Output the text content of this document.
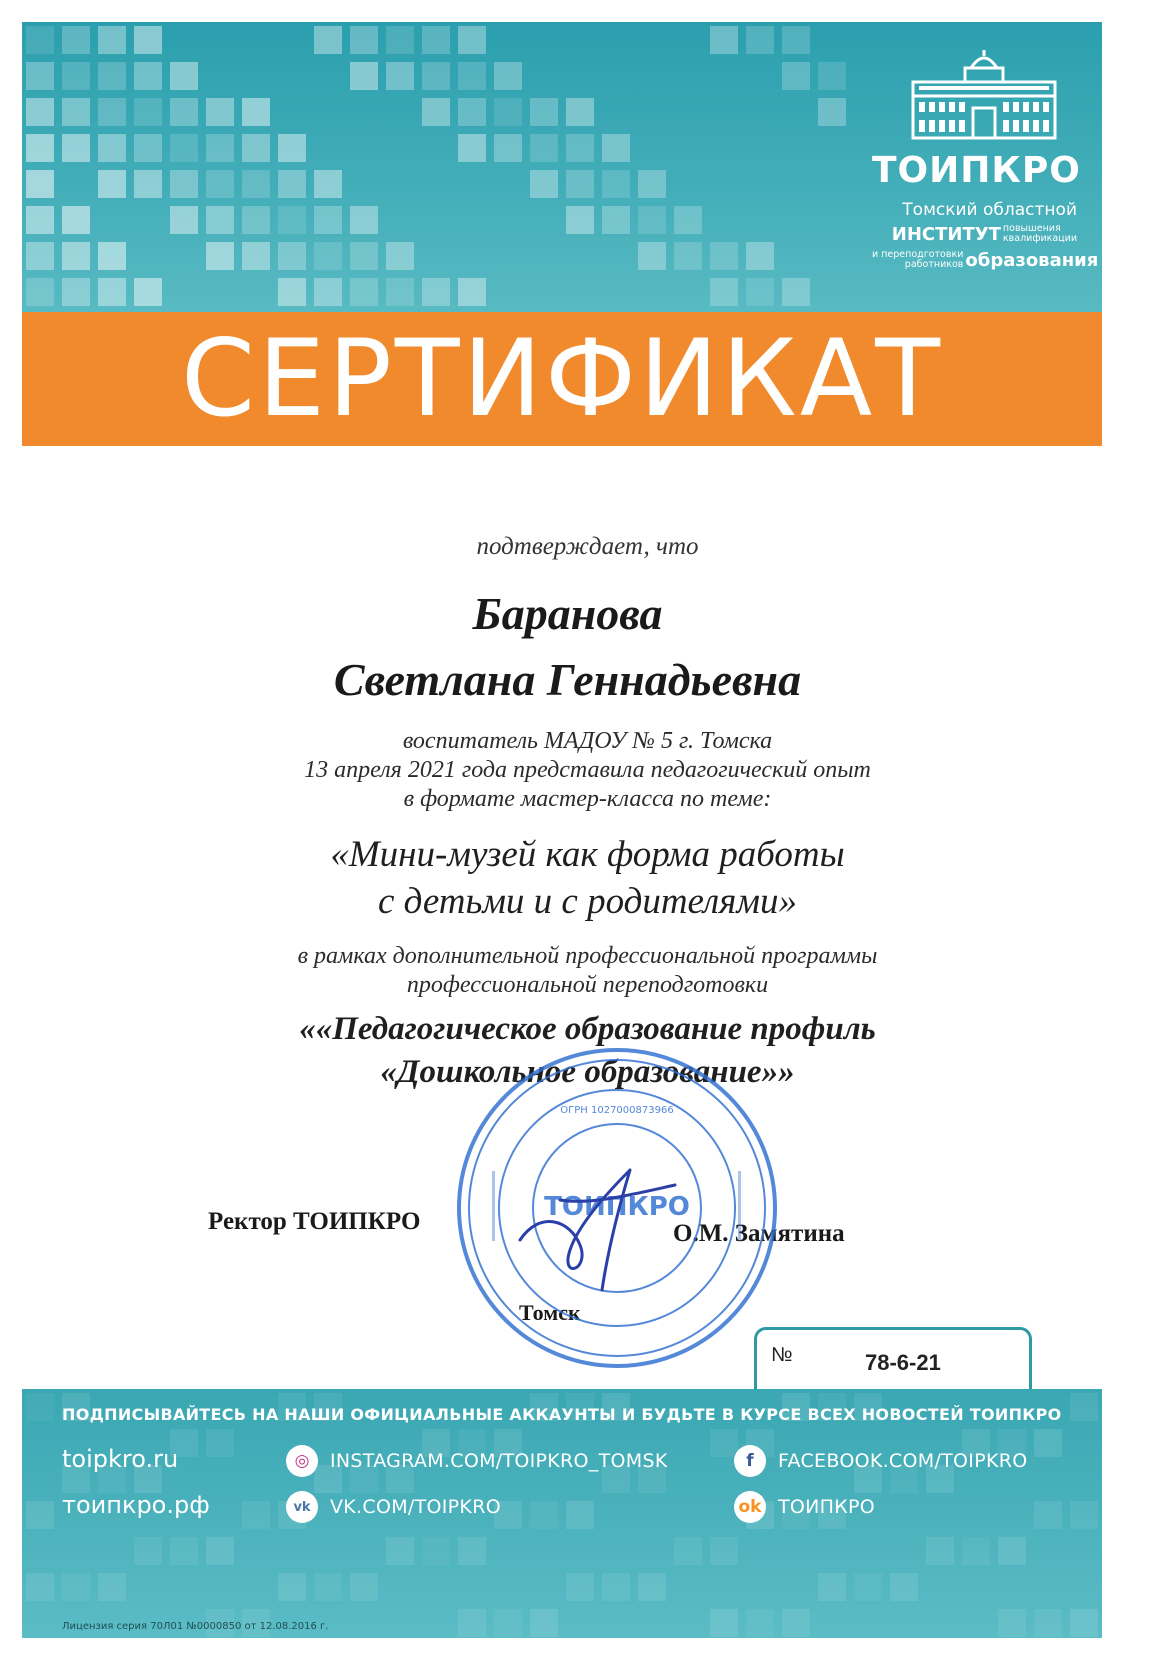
ТОИПКРО
Томский областной
ИНСТИТУТ повышения
квалификации
и переподготовки
работников образования
СЕРТИФИКАТ
подтверждает, что
Баранова
Светлана Геннадьевна
воспитатель МАДОУ № 5 г. Томска
13 апреля 2021 года представила педагогический опыт
в формате мастер-класса по теме:
«Мини-музей как форма работы
с детьми и с родителями»
в рамках дополнительной профессиональной программы
профессиональной переподготовки
««Педагогическое образование профиль
«Дошкольное образование»»
Ректор ТОИПКРО	О.М. Замятина
Томск
ТОИПКРО
ОГРН 1027000873966
№	78-6-21
ПОДПИСЫВАЙТЕСЬ НА НАШИ ОФИЦИАЛЬНЫЕ АККАУНТЫ И БУДЬТЕ В КУРСЕ ВСЕХ НОВОСТЕЙ ТОИПКРО
toipkro.ru
тоипкро.рф
◎	INSTAGRAM.COM/TOIPKRO_TOMSK
vk	VK.COM/TOIPKRO
f	FACEBOOK.COM/TOIPKRO
ok ТОИПКРО
Лицензия серия 70Л01 №0000850 от 12.08.2016 г.
